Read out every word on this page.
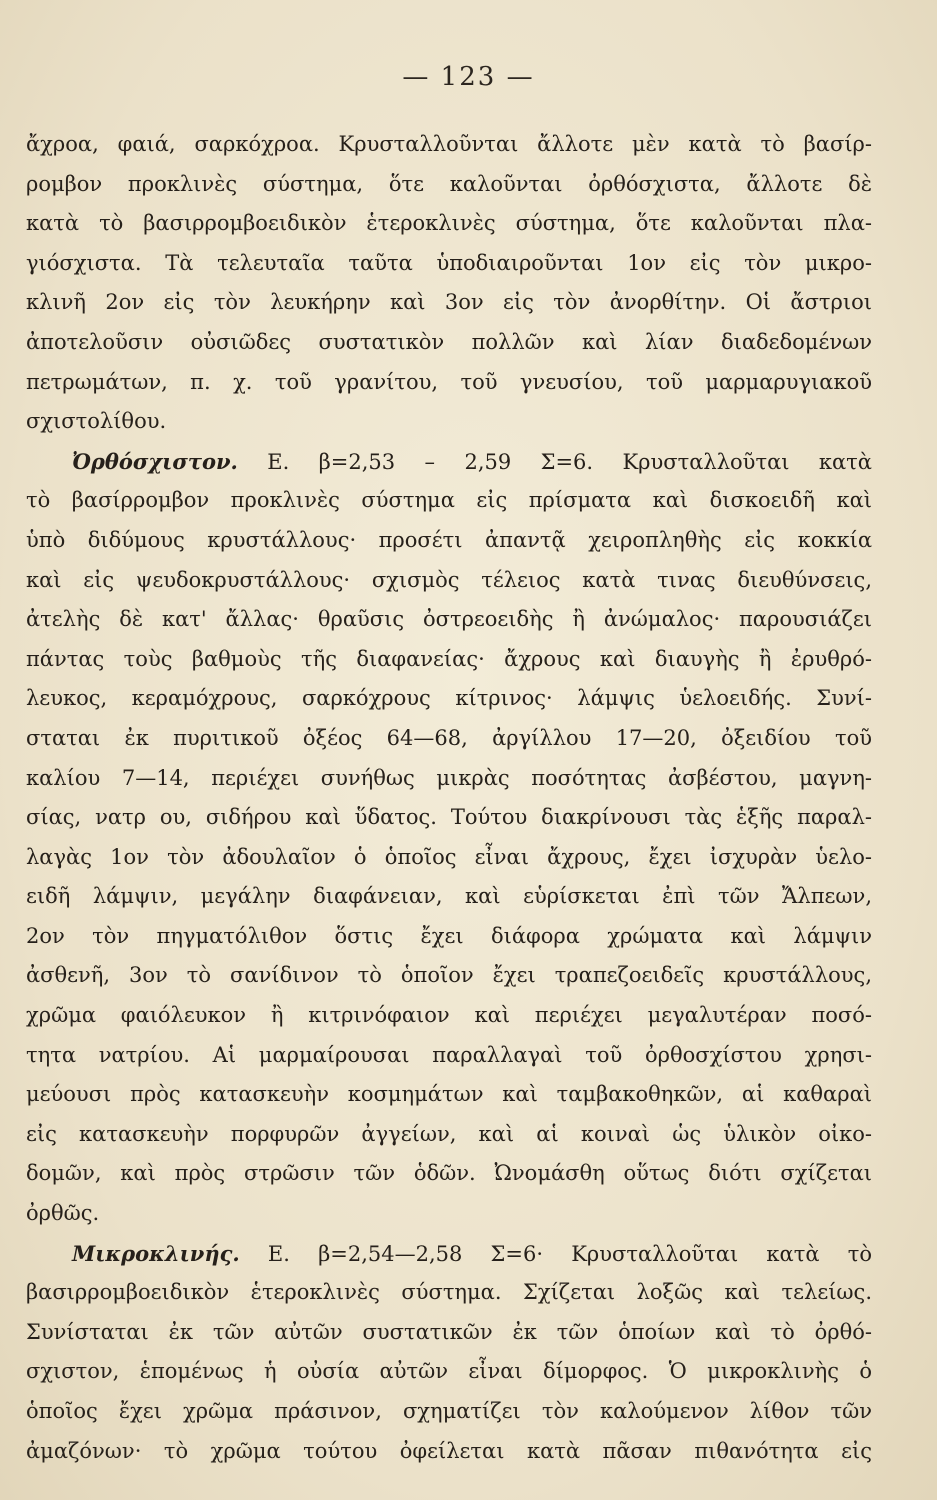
— 123 —
ἄχροα, φαιά, σαρκόχροα. Κρυσταλλοῦνται ἄλλοτε μὲν κατὰ τὸ βασίρ-
ρομβον προκλινὲς σύστημα, ὅτε καλοῦνται ὀρθόσχιστα, ἄλλοτε δὲ
κατὰ τὸ βασιρρομβοειδικὸν ἑτεροκλινὲς σύστημα, ὅτε καλοῦνται πλα-
γιόσχιστα. Τὰ τελευταῖα ταῦτα ὑποδιαιροῦνται 1ον εἰς τὸν μικρο-
κλινῆ 2ον εἰς τὸν λευκήρην καὶ 3ον εἰς τὸν ἀνορθίτην. Οἱ ἄστριοι
ἀποτελοῦσιν οὐσιῶδες συστατικὸν πολλῶν καὶ λίαν διαδεδομένων
πετρωμάτων, π. χ. τοῦ γρανίτου, τοῦ γνευσίου, τοῦ μαρμαρυγιακοῦ
σχιστολίθου.
Ὀρθόσχιστον. Ε. β=2,53 – 2,59 Σ=6. Κρυσταλλοῦται κατὰ
τὸ βασίρρομβον προκλινὲς σύστημα εἰς πρίσματα καὶ δισκοειδῆ καὶ
ὑπὸ διδύμους κρυστάλλους· προσέτι ἀπαντᾷ χειροπληθὴς εἰς κοκκία
καὶ εἰς ψευδοκρυστάλλους· σχισμὸς τέλειος κατὰ τινας διευθύνσεις,
ἀτελὴς δὲ κατ' ἄλλας· θραῦσις ὀστρεοειδὴς ἢ ἀνώμαλος· παρουσιάζει
πάντας τοὺς βαθμοὺς τῆς διαφανείας· ἄχρους καὶ διαυγὴς ἢ ἐρυθρό-
λευκος, κεραμόχρους, σαρκόχρους κίτρινος· λάμψις ὑελοειδής. Συνί-
σταται ἐκ πυριτικοῦ ὀξέος 64—68, ἀργίλλου 17—20, ὀξειδίου τοῦ
καλίου 7—14, περιέχει συνήθως μικρὰς ποσότητας ἀσβέστου, μαγνη-
σίας, νατρ ου, σιδήρου καὶ ὕδατος. Τούτου διακρίνουσι τὰς ἑξῆς παραλ-
λαγὰς 1ον τὸν ἀδουλαῖον ὁ ὁποῖος εἶναι ἄχρους, ἔχει ἰσχυρὰν ὑελο-
ειδῆ λάμψιν, μεγάλην διαφάνειαν, καὶ εὑρίσκεται ἐπὶ τῶν Ἄλπεων,
2ον τὸν πηγματόλιθον ὅστις ἔχει διάφορα χρώματα καὶ λάμψιν
ἀσθενῆ, 3ον τὸ σανίδινον τὸ ὁποῖον ἔχει τραπεζοειδεῖς κρυστάλλους,
χρῶμα φαιόλευκον ἢ κιτρινόφαιον καὶ περιέχει μεγαλυτέραν ποσό-
τητα νατρίου. Αἱ μαρμαίρουσαι παραλλαγαὶ τοῦ ὀρθοσχίστου χρησι-
μεύουσι πρὸς κατασκευὴν κοσμημάτων καὶ ταμβακοθηκῶν, αἱ καθαραὶ
εἰς κατασκευὴν πορφυρῶν ἀγγείων, καὶ αἱ κοιναὶ ὡς ὑλικὸν οἰκο-
δομῶν, καὶ πρὸς στρῶσιν τῶν ὁδῶν. Ὠνομάσθη οὕτως διότι σχίζεται
ὀρθῶς.
Μικροκλινής. Ε. β=2,54—2,58 Σ=6· Κρυσταλλοῦται κατὰ τὸ
βασιρρομβοειδικὸν ἑτεροκλινὲς σύστημα. Σχίζεται λοξῶς καὶ τελείως.
Συνίσταται ἐκ τῶν αὐτῶν συστατικῶν ἐκ τῶν ὁποίων καὶ τὸ ὀρθό-
σχιστον, ἑπομένως ἡ οὐσία αὐτῶν εἶναι δίμορφος. Ὁ μικροκλινὴς ὁ
ὁποῖος ἔχει χρῶμα πράσινον, σχηματίζει τὸν καλούμενον λίθον τῶν
ἀμαζόνων· τὸ χρῶμα τούτου ὀφείλεται κατὰ πᾶσαν πιθανότητα εἰς
